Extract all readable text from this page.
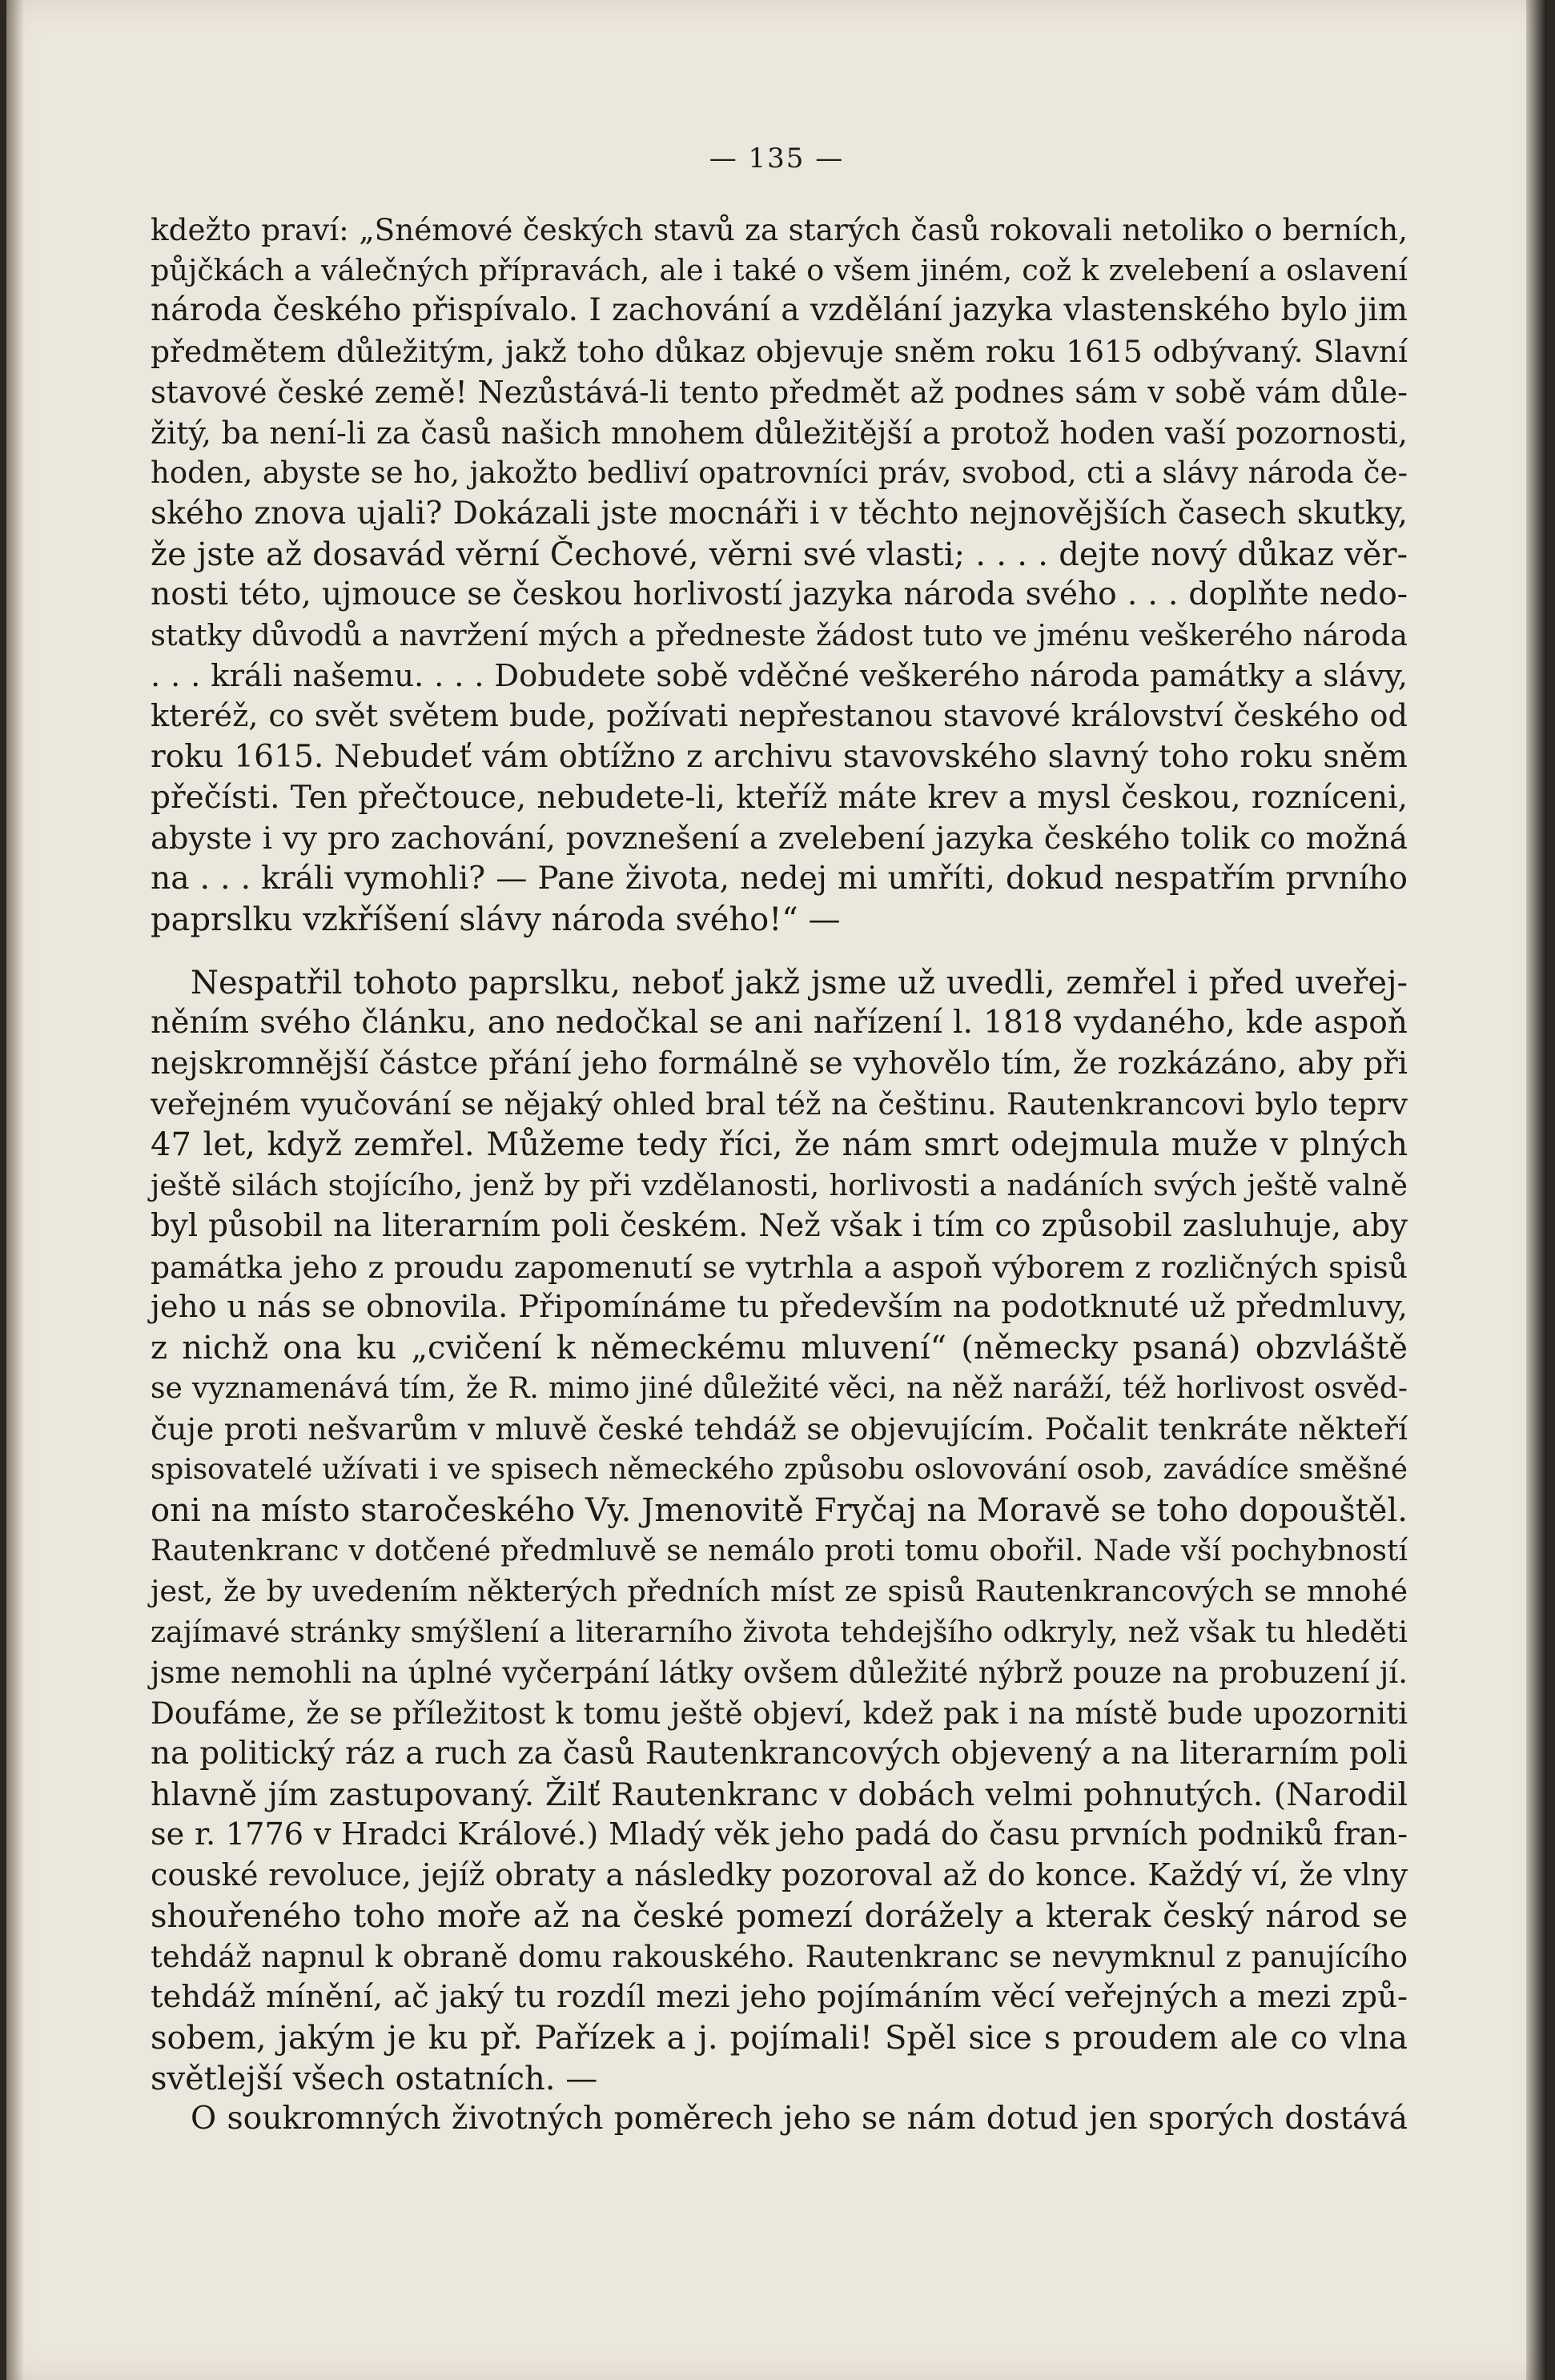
— 135 —
kdežto praví: „Snémové českých stavů za starých časů rokovali netoliko o berních,
půjčkách a válečných přípravách, ale i také o všem jiném, což k zvelebení a oslavení
národa českého přispívalo. I zachování a vzdělání jazyka vlastenského bylo jim
předmětem důležitým, jakž toho důkaz objevuje sněm roku 1615 odbývaný. Slavní
stavové české země! Nezůstává-li tento předmět až podnes sám v sobě vám důle-
žitý, ba není-li za časů našich mnohem důležitější a protož hoden vaší pozornosti,
hoden, abyste se ho, jakožto bedliví opatrovníci práv, svobod, cti a slávy národa če-
ského znova ujali? Dokázali jste mocnáři i v těchto nejnovějších časech skutky,
že jste až dosavád věrní Čechové, věrni své vlasti; . . . . dejte nový důkaz věr-
nosti této, ujmouce se českou horlivostí jazyka národa svého . . . doplňte nedo-
statky důvodů a navržení mých a předneste žádost tuto ve jménu veškerého národa
. . . králi našemu. . . . Dobudete sobě vděčné veškerého národa památky a slávy,
kteréž, co svět světem bude, požívati nepřestanou stavové království českého od
roku 1615. Nebudeť vám obtížno z archivu stavovského slavný toho roku sněm
přečísti. Ten přečtouce, nebudete-li, kteříž máte krev a mysl českou, rozníceni,
abyste i vy pro zachování, povznešení a zvelebení jazyka českého tolik co možná
na . . . králi vymohli? — Pane života, nedej mi umříti, dokud nespatřím prvního
paprslku vzkříšení slávy národa svého!“ —
Nespatřil tohoto paprslku, neboť jakž jsme už uvedli, zemřel i před uveřej-
něním svého článku, ano nedočkal se ani nařízení l. 1818 vydaného, kde aspoň
nejskromnější částce přání jeho formálně se vyhovělo tím, že rozkázáno, aby při
veřejném vyučování se nějaký ohled bral též na češtinu. Rautenkrancovi bylo teprv
47 let, když zemřel. Můžeme tedy říci, že nám smrt odejmula muže v plných
ještě silách stojícího, jenž by při vzdělanosti, horlivosti a nadáních svých ještě valně
byl působil na literarním poli českém. Než však i tím co způsobil zasluhuje, aby
památka jeho z proudu zapomenutí se vytrhla a aspoň výborem z rozličných spisů
jeho u nás se obnovila. Připomínáme tu především na podotknuté už předmluvy,
z nichž ona ku „cvičení k německému mluvení“ (německy psaná) obzvláště
se vyznamenává tím, že R. mimo jiné důležité věci, na něž naráží, též horlivost osvěd-
čuje proti nešvarům v mluvě české tehdáž se objevujícím. Počalit tenkráte někteří
spisovatelé užívati i ve spisech německého způsobu oslovování osob, zavádíce směšné
oni na místo staročeského Vy. Jmenovitě Fryčaj na Moravě se toho dopouštěl.
Rautenkranc v dotčené předmluvě se nemálo proti tomu obořil. Nade vší pochybností
jest, že by uvedením některých předních míst ze spisů Rautenkrancových se mnohé
zajímavé stránky smýšlení a literarního života tehdejšího odkryly, než však tu hleděti
jsme nemohli na úplné vyčerpání látky ovšem důležité nýbrž pouze na probuzení jí.
Doufáme, že se příležitost k tomu ještě objeví, kdež pak i na místě bude upozorniti
na politický ráz a ruch za časů Rautenkrancových objevený a na literarním poli
hlavně jím zastupovaný. Žilť Rautenkranc v dobách velmi pohnutých. (Narodil
se r. 1776 v Hradci Králové.) Mladý věk jeho padá do času prvních podniků fran-
couské revoluce, jejíž obraty a následky pozoroval až do konce. Každý ví, že vlny
shouřeného toho moře až na české pomezí dorážely a kterak český národ se
tehdáž napnul k obraně domu rakouského. Rautenkranc se nevymknul z panujícího
tehdáž mínění, ač jaký tu rozdíl mezi jeho pojímáním věcí veřejných a mezi způ-
sobem, jakým je ku př. Pařízek a j. pojímali! Spěl sice s proudem ale co vlna
světlejší všech ostatních. —
O soukromných životných poměrech jeho se nám dotud jen sporých dostává
